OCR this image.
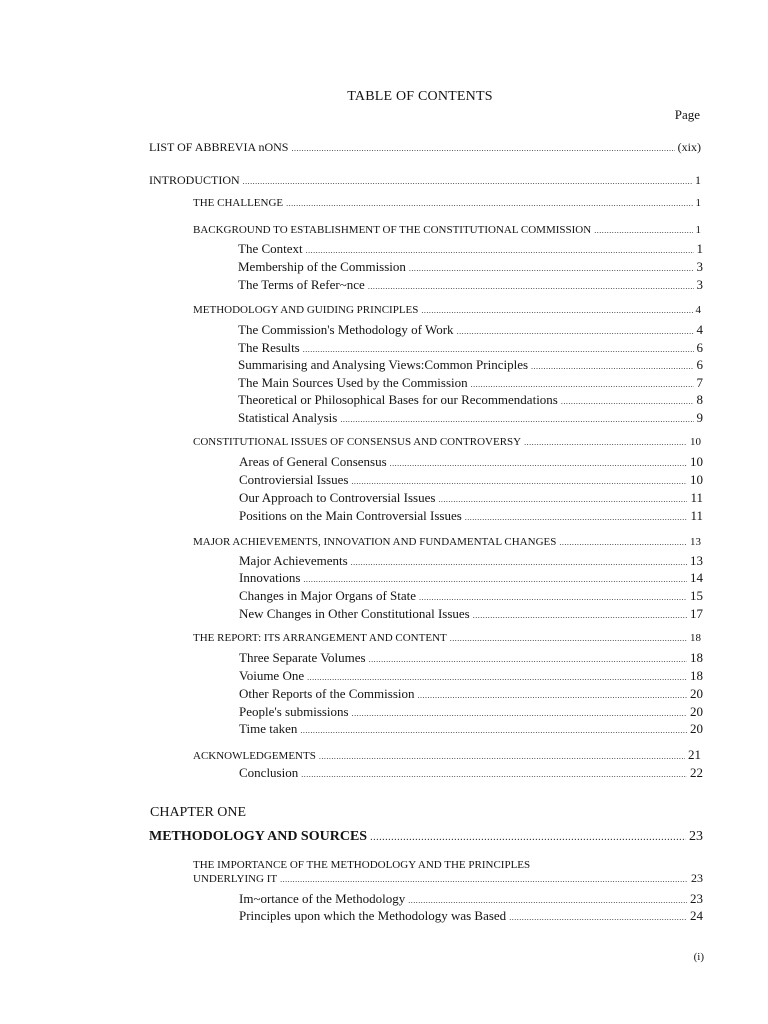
TABLE OF CONTENTS
Page
LIST OF ABBREVIA nONS .....	(xix)
INTRODUCTION .....	1
THE CHALLENGE .....	1
BACKGROUND TO ESTABLISHMENT OF THE CONSTITUTIONAL COMMISSION .....	1
The Context .....	1
Membership of the Commission .....	3
The Terms of Refer~nce .....	3
METHODOLOGY AND GUIDING PRINCIPLES .....	4
The Commission's Methodology of Work .....	4
The Results .....	6
Summarising and Analysing Views:Common Principles .....	6
The Main Sources Used by the Commission .....	7
Theoretical or Philosophical Bases for our Recommendations .....	8
Statistical Analysis .....	9
CONSTITUTIONAL ISSUES OF CONSENSUS AND CONTROVERSY .....	10
Areas of General Consensus .....	10
Controviersial Issues .....	10
Our Approach to Controversial Issues .....	11
Positions on the Main Controversial Issues .....	11
MAJOR ACHIEVEMENTS, INNOVATION AND FUNDAMENTAL CHANGES .....	13
Major Achievements .....	13
Innovations .....	14
Changes in Major Organs of State .....	15
New Changes in Other Constitutional Issues .....	17
THE REPORT: ITS ARRANGEMENT AND CONTENT .....	18
Three Separate Volumes .....	18
Voiume One .....	18
Other Reports of the Commission .....	20
People's submissions .....	20
Time taken .....	20
ACKNOWLEDGEMENTS .....	21
Conclusion .....	22
CHAPTER ONE
METHODOLOGY AND SOURCES .....	23
THE IMPORTANCE OF THE METHODOLOGY AND THE PRINCIPLES
UNDERLYING IT .....	23
Im~ortance of the Methodology .....	23
Principles upon which the Methodology was Based .....	24
(i)
